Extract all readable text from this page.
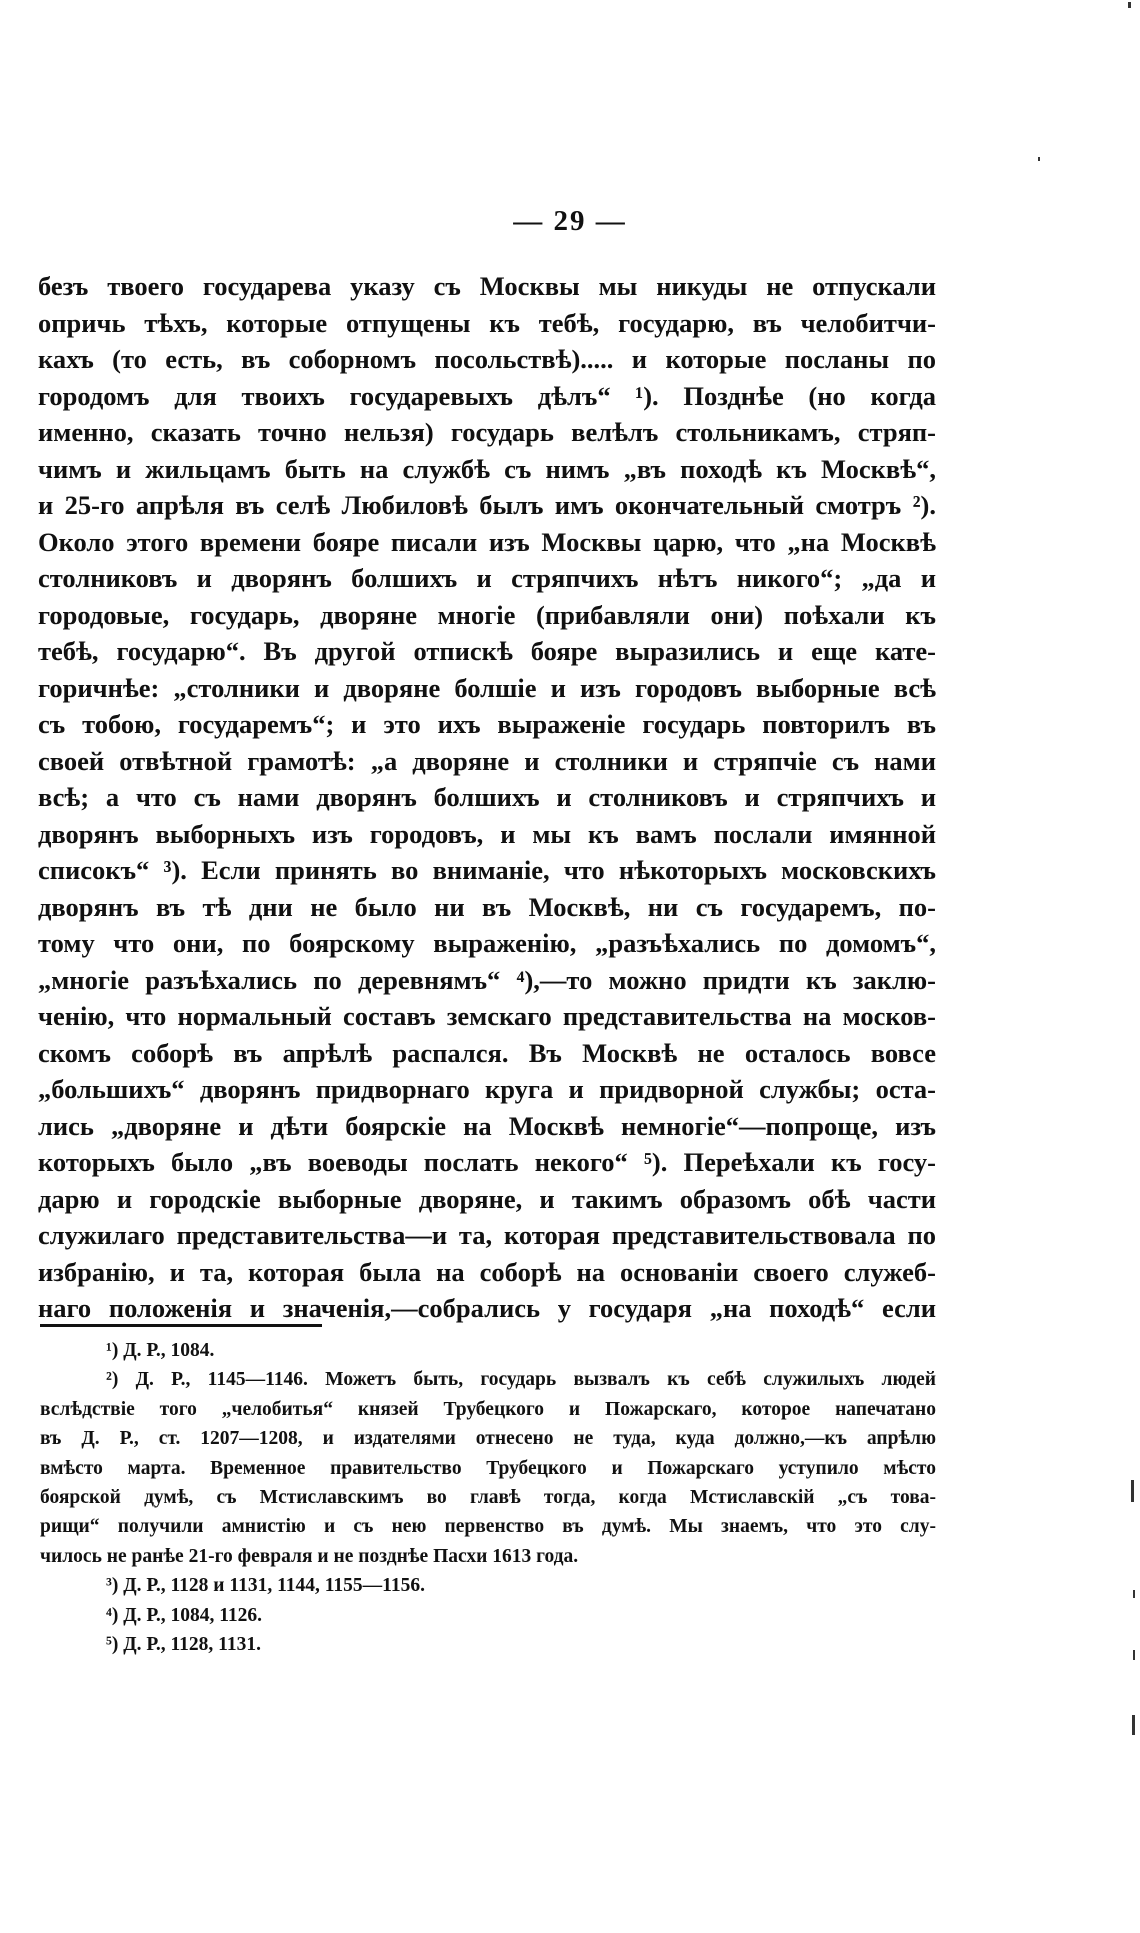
— 29 —
безъ твоего государева указу съ Москвы мы никуды не отпускали
опричь тѣхъ, которые отпущены къ тебѣ, государю, въ челобитчи-
кахъ (то есть, въ соборномъ посольствѣ)..... и которые посланы по
городомъ для твоихъ государевыхъ дѣлъ“ ¹). Позднѣе (но когда
именно, сказать точно нельзя) государь велѣлъ стольникамъ, стряп-
чимъ и жильцамъ быть на службѣ съ нимъ „въ походѣ къ Москвѣ“,
и 25-го апрѣля въ селѣ Любиловѣ былъ имъ окончательный смотръ ²).
Около этого времени бояре писали изъ Москвы царю, что „на Москвѣ
столниковъ и дворянъ болшихъ и стряпчихъ нѣтъ никого“; „да и
городовые, государь, дворяне многіе (прибавляли они) поѣхали къ
тебѣ, государю“. Въ другой отпискѣ бояре выразились и еще кате-
горичнѣе: „столники и дворяне болшіе и изъ городовъ выборные всѣ
съ тобою, государемъ“; и это ихъ выраженіе государь повторилъ въ
своей отвѣтной грамотѣ: „а дворяне и столники и стряпчіе съ нами
всѣ; а что съ нами дворянъ болшихъ и столниковъ и стряпчихъ и
дворянъ выборныхъ изъ городовъ, и мы къ вамъ послали имянной
списокъ“ ³). Если принять во вниманіе, что нѣкоторыхъ московскихъ
дворянъ въ тѣ дни не было ни въ Москвѣ, ни съ государемъ, по-
тому что они, по боярскому выраженію, „разъѣхались по домомъ“,
„многіе разъѣхались по деревнямъ“ ⁴),—то можно придти къ заклю-
ченію, что нормальный составъ земскаго представительства на москов-
скомъ соборѣ въ апрѣлѣ распался. Въ Москвѣ не осталось вовсе
„большихъ“ дворянъ придворнаго круга и придворной службы; оста-
лись „дворяне и дѣти боярскіе на Москвѣ немногіе“—попроще, изъ
которыхъ было „въ воеводы послать некого“ ⁵). Переѣхали къ госу-
дарю и городскіе выборные дворяне, и такимъ образомъ обѣ части
служилаго представительства—и та, которая представительствовала по
избранію, и та, которая была на соборѣ на основаніи своего служеб-
наго положенія и значенія,—собрались у государя „на походѣ“ если
¹) Д. Р., 1084.
²) Д. Р., 1145—1146. Можетъ быть, государь вызвалъ къ себѣ служилыхъ людей
вслѣдствіе того „челобитья“ князей Трубецкого и Пожарскаго, которое напечатано
въ Д. Р., ст. 1207—1208, и издателями отнесено не туда, куда должно,—къ апрѣлю
вмѣсто марта. Временное правительство Трубецкого и Пожарскаго уступило мѣсто
боярской думѣ, съ Мстиславскимъ во главѣ тогда, когда Мстиславскій „съ това-
рищи“ получили амнистію и съ нею первенство въ думѣ. Мы знаемъ, что это слу-
чилось не ранѣе 21-го февраля и не позднѣе Пасхи 1613 года.
³) Д. Р., 1128 и 1131, 1144, 1155—1156.
⁴) Д. Р., 1084, 1126.
⁵) Д. Р., 1128, 1131.
